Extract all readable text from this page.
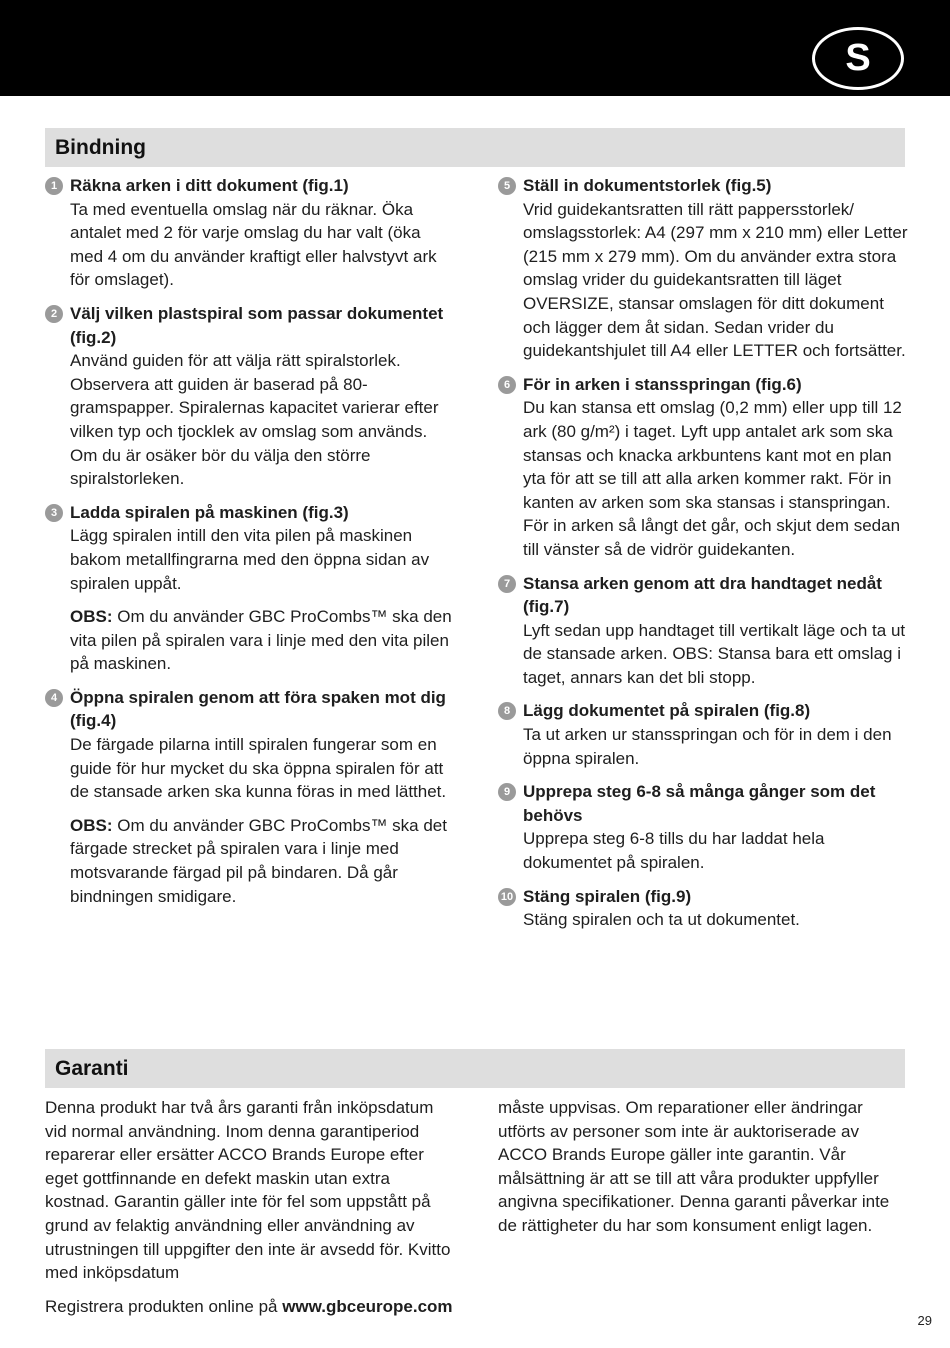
S
Bindning
1 Räkna arken i ditt dokument (fig.1)
Ta med eventuella omslag när du räknar. Öka antalet med 2 för varje omslag du har valt (öka med 4 om du använder kraftigt eller halvstyvt ark för omslaget).
2 Välj vilken plastspiral som passar dokumentet (fig.2)
Använd guiden för att välja rätt spiralstorlek. Observera att guiden är baserad på 80-gramspapper. Spiralernas kapacitet varierar efter vilken typ och tjocklek av omslag som används. Om du är osäker bör du välja den större spiralstorleken.
3 Ladda spiralen på maskinen (fig.3)
Lägg spiralen intill den vita pilen på maskinen bakom metallfingrarna med den öppna sidan av spiralen uppåt.
OBS: Om du använder GBC ProCombs™ ska den vita pilen på spiralen vara i linje med den vita pilen på maskinen.
4 Öppna spiralen genom att föra spaken mot dig (fig.4)
De färgade pilarna intill spiralen fungerar som en guide för hur mycket du ska öppna spiralen för att de stansade arken ska kunna föras in med lätthet.
OBS: Om du använder GBC ProCombs™ ska det färgade strecket på spiralen vara i linje med motsvarande färgad pil på bindaren. Då går bindningen smidigare.
5 Ställ in dokumentstorlek (fig.5)
Vrid guidekantsratten till rätt pappersstorlek/ omslagsstorlek: A4 (297 mm x 210 mm) eller Letter (215 mm x 279 mm). Om du använder extra stora omslag vrider du guidekantsratten till läget OVERSIZE, stansar omslagen för ditt dokument och lägger dem åt sidan. Sedan vrider du guidekantshjulet till A4 eller LETTER och fortsätter.
6 För in arken i stansspringan (fig.6)
Du kan stansa ett omslag (0,2 mm) eller upp till 12 ark (80 g/m²) i taget. Lyft upp antalet ark som ska stansas och knacka arkbuntens kant mot en plan yta för att se till att alla arken kommer rakt. För in kanten av arken som ska stansas i stanspringan. För in arken så långt det går, och skjut dem sedan till vänster så de vidrör guidekanten.
7 Stansa arken genom att dra handtaget nedåt (fig.7)
Lyft sedan upp handtaget till vertikalt läge och ta ut de stansade arken. OBS: Stansa bara ett omslag i taget, annars kan det bli stopp.
8 Lägg dokumentet på spiralen (fig.8)
Ta ut arken ur stansspringan och för in dem i den öppna spiralen.
9 Upprepa steg 6-8 så många gånger som det behövs
Upprepa steg 6-8 tills du har laddat hela dokumentet på spiralen.
10 Stäng spiralen (fig.9)
Stäng spiralen och ta ut dokumentet.
Garanti

Denna produkt har två års garanti från inköpsdatum vid normal användning. Inom denna garantiperiod reparerar eller ersätter ACCO Brands Europe efter eget gottfinnande en defekt maskin utan extra kostnad. Garantin gäller inte för fel som uppstått på grund av felaktig användning eller användning av utrustningen till uppgifter den inte är avsedd för. Kvitto med inköpsdatum

Registrera produkten online på www.gbceurope.com

måste uppvisas. Om reparationer eller ändringar utförts av personer som inte är auktoriserade av ACCO Brands Europe gäller inte garantin. Vår målsättning är att se till att våra produkter uppfyller angivna specifikationer. Denna garanti påverkar inte de rättigheter du har som konsument enligt lagen.

29
